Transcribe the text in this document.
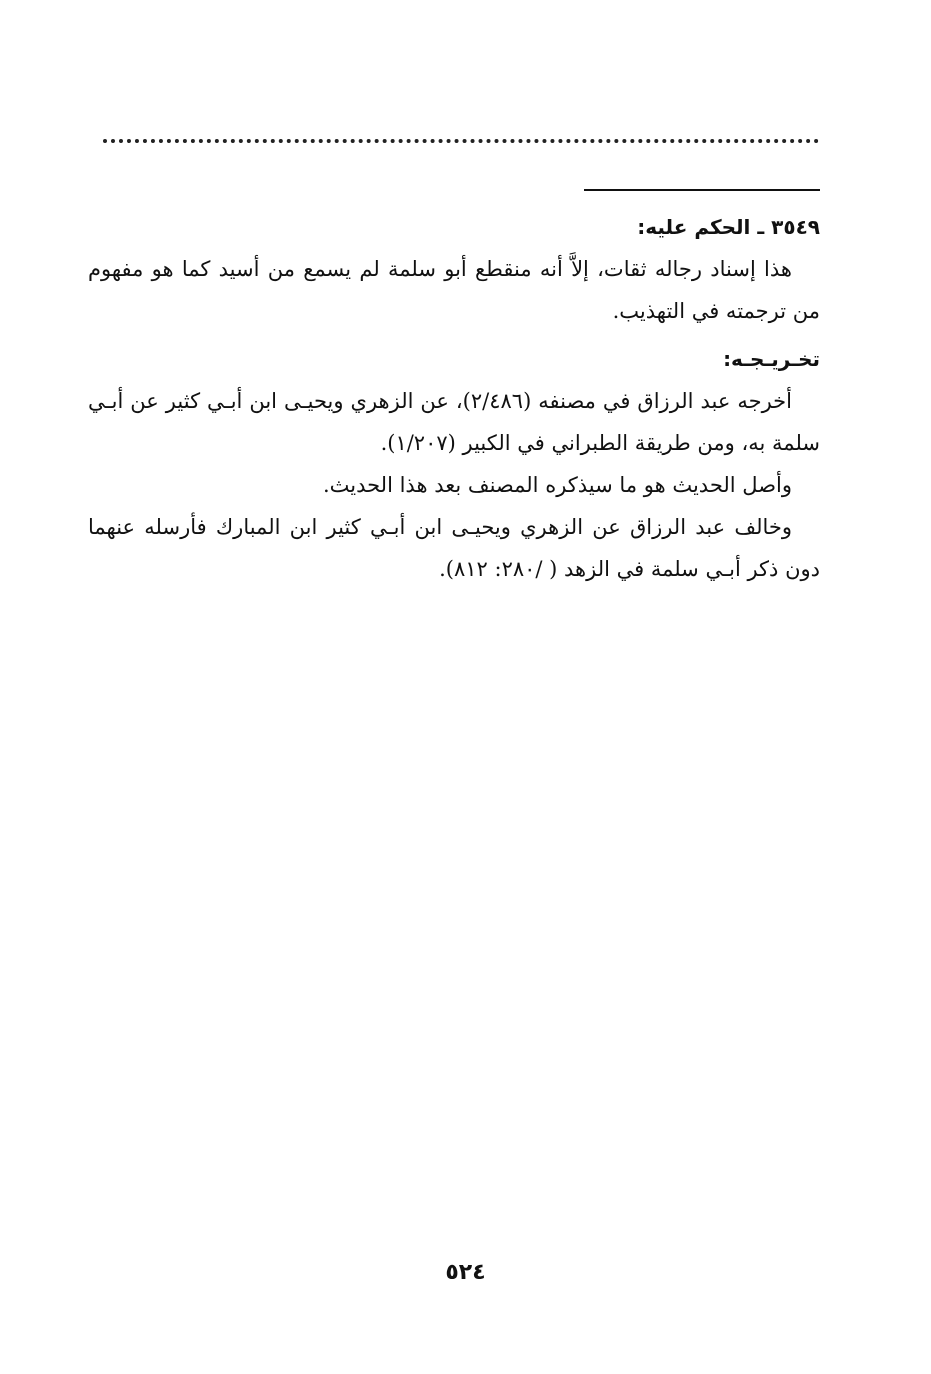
٣٥٤٩ ـ الحكم عليه:

هذا إسناد رجاله ثقات، إلاَّ أنه منقطع أبو سلمة لم يسمع من أسيد كما هو مفهوم من ترجمته في التهذيب.

تخـريـجـه:

أخرجه عبد الرزاق في مصنفه (٢/٤٨٦)، عن الزهري ويحيـى ابن أبـي كثير عن أبـي سلمة به، ومن طريقة الطبراني في الكبير (١/٢٠٧).

وأصل الحديث هو ما سيذكره المصنف بعد هذا الحديث.

وخالف عبد الرزاق عن الزهري ويحيـى ابن أبـي كثير ابن المبارك فأرسله عنهما دون ذكر أبـي سلمة في الزهد ( /٢٨٠: ٨١٢).

٥٢٤
